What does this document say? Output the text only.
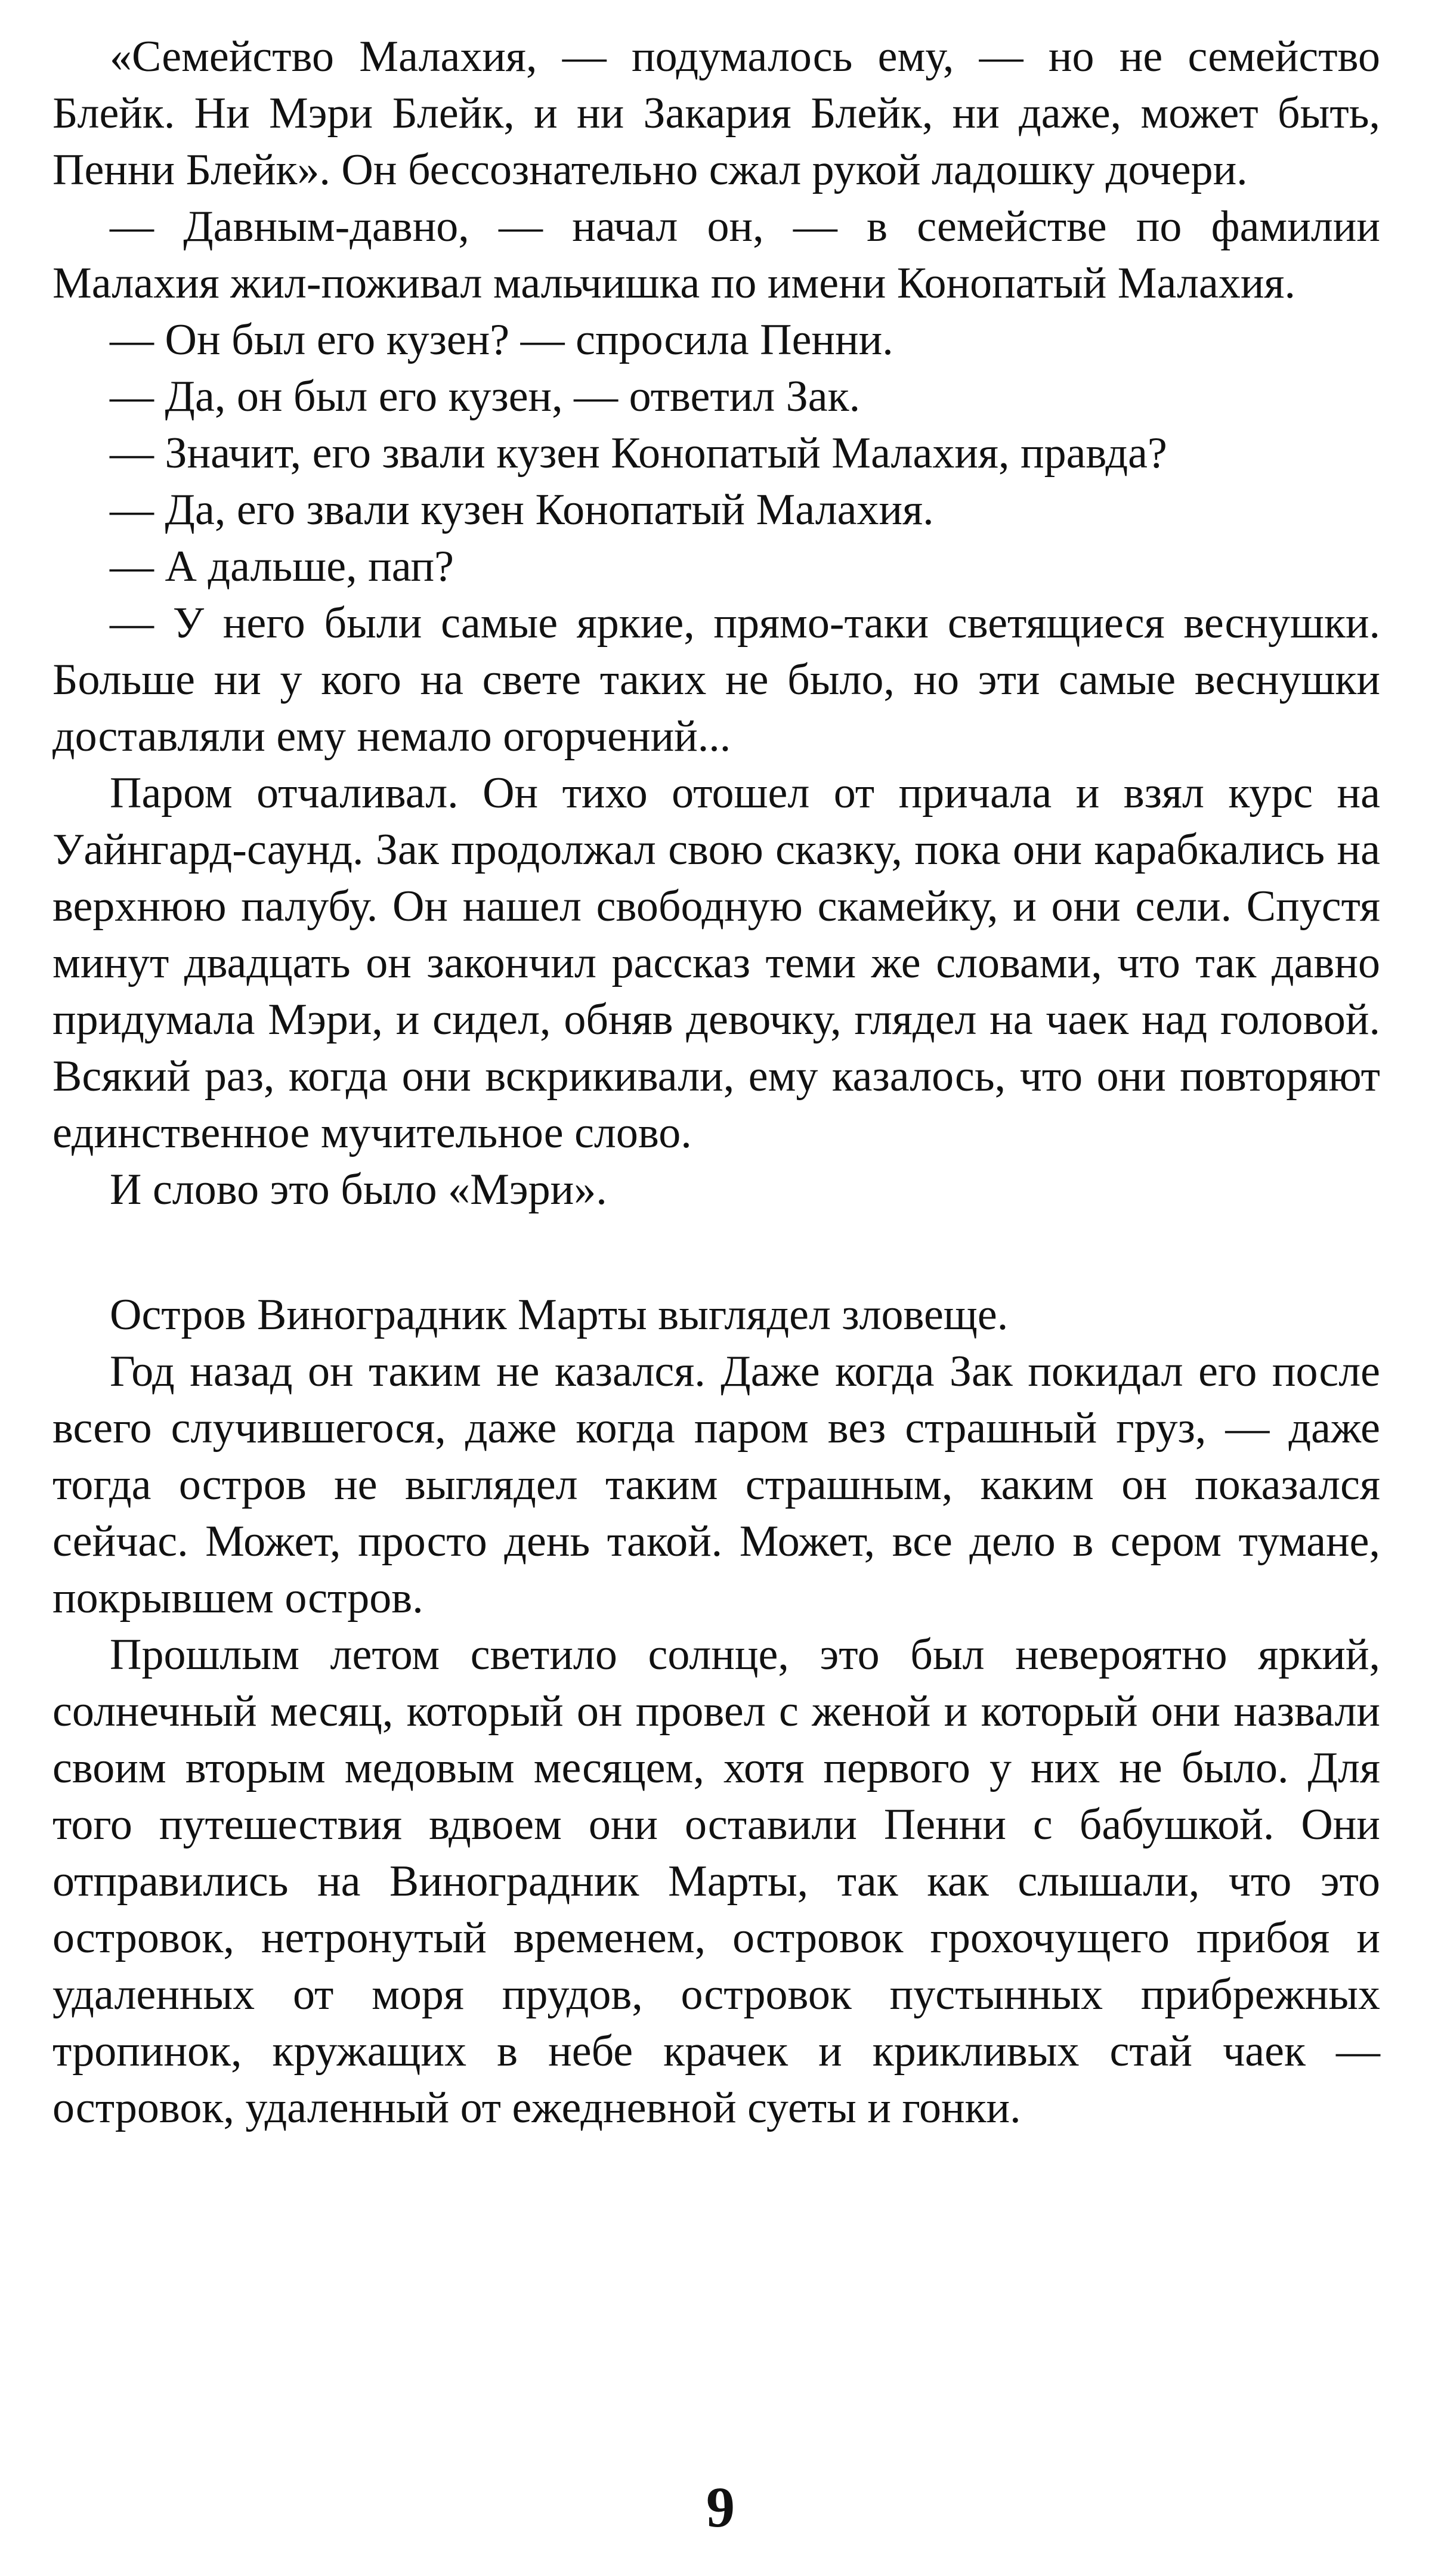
«Семейство Малахия, — подумалось ему, — но не семейство Блейк. Ни Мэри Блейк, и ни Закария Блейк, ни даже, может быть, Пенни Блейк». Он бессознательно сжал рукой ладошку дочери.

— Давным-давно, — начал он, — в семействе по фамилии Малахия жил-поживал мальчишка по имени Конопатый Малахия.

— Он был его кузен? — спросила Пенни.

— Да, он был его кузен, — ответил Зак.

— Значит, его звали кузен Конопатый Малахия, правда?

— Да, его звали кузен Конопатый Малахия.

— А дальше, пап?

— У него были самые яркие, прямо-таки светящиеся веснушки. Больше ни у кого на свете таких не было, но эти самые веснушки доставляли ему немало огорчений...

Паром отчаливал. Он тихо отошел от причала и взял курс на Уайнгард-саунд. Зак продолжал свою сказку, пока они карабкались на верхнюю палубу. Он нашел свободную скамейку, и они сели. Спустя минут двадцать он закончил рассказ теми же словами, что так давно придумала Мэри, и сидел, обняв девочку, глядел на чаек над головой. Всякий раз, когда они вскрикивали, ему казалось, что они повторяют единственное мучительное слово.

И слово это было «Мэри».

Остров Виноградник Марты выглядел зловеще.

Год назад он таким не казался. Даже когда Зак покидал его после всего случившегося, даже когда паром вез страшный груз, — даже тогда остров не выглядел таким страшным, каким он показался сейчас. Может, просто день такой. Может, все дело в сером тумане, покрывшем остров.

Прошлым летом светило солнце, это был невероятно яркий, солнечный месяц, который он провел с женой и который они назвали своим вторым медовым месяцем, хотя первого у них не было. Для того путешествия вдвоем они оставили Пенни с бабушкой. Они отправились на Виноградник Марты, так как слышали, что это островок, нетронутый временем, островок грохочущего прибоя и удаленных от моря прудов, островок пустынных прибрежных тропинок, кружащих в небе крачек и крикливых стай чаек — островок, удаленный от ежедневной суеты и гонки.

9
